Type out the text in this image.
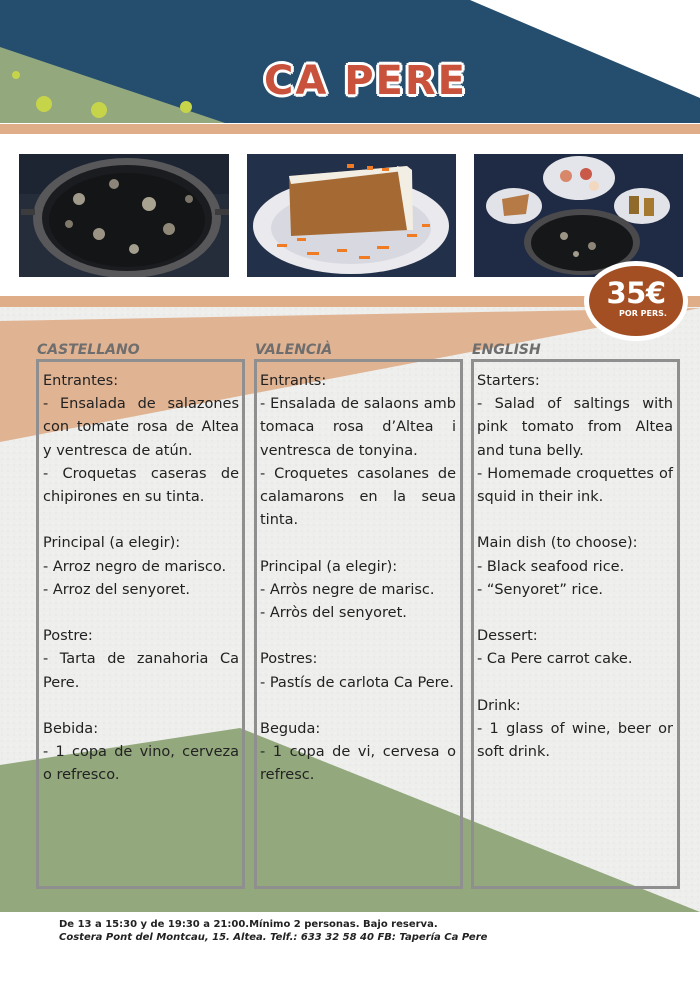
CA PERE
35€
POR PERS.
CASTELLANO

Entrantes:

- Ensalada de salazones con tomate rosa de Altea y ventresca de atún.

- Croquetas caseras de chipirones en su tinta.

Principal (a elegir):

- Arroz negro de marisco.

- Arroz del senyoret.

Postre:

- Tarta de zanahoria Ca Pere.

Bebida:

- 1 copa de vino, cerveza o refresco.

VALENCIÀ

Entrants:

- Ensalada de salaons amb tomaca rosa d’Altea i ventresca de tonyina.

- Croquetes casolanes de calamarons en la seua tinta.

Principal (a elegir):

- Arròs negre de marisc.

- Arròs del senyoret.

Postres:

- Pastís de carlota Ca Pere.

Beguda:

- 1 copa de vi, cervesa o refresc.

ENGLISH

Starters:

- Salad of saltings with pink tomato from Altea and tuna belly.

- Homemade croquettes of squid in their ink.

Main dish (to choose):

- Black seafood rice.

- “Senyoret” rice.

Dessert:

- Ca Pere carrot cake.

Drink:

- 1 glass of wine, beer or soft drink.

De 13 a 15:30 y de 19:30 a 21:00.Mínimo 2 personas. Bajo reserva.
Costera Pont del Montcau, 15. Altea. Telf.: 633 32 58 40 FB: Tapería Ca Pere
